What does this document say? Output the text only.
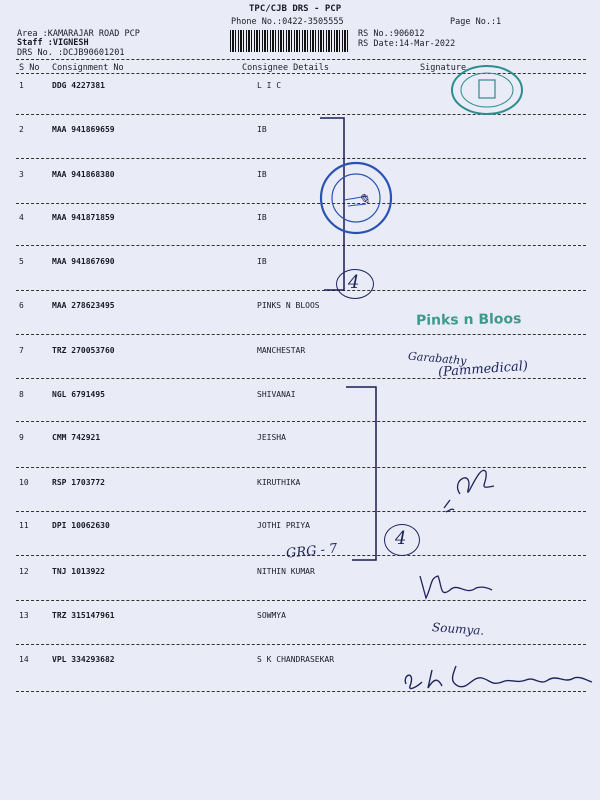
TPC/CJB DRS - PCP
Phone No.:0422-3505555	Page No.:1
Area :KAMARAJAR ROAD PCP
Staff :VIGNESH
DRS No. :DCJB90601201
RS No.:906012
RS Date:14-Mar-2022
S No Consignment No	Consignee Details	Signature
1	DDG 4227381	L I C
2	MAA 941869659	IB
3	MAA 941868380	IB
4	MAA 941871859	IB
5	MAA 941867690	IB
6	MAA 278623495	PINKS N BLOOS
7	TRZ 270053760	MANCHESTAR
8	NGL 6791495	SHIVANAI
9	CMM 742921	JEISHA
10	RSP 1703772	KIRUTHIKA
11	DPI 10062630	JOTHI PRIYA
12	TNJ 1013922	NITHIN KUMAR
13	TRZ 315147961	SOWMYA
14	VPL 334293682	S K CHANDRASEKAR
4
4
✎
Pinks n Bloos
Garabathy
(Pammedical)
GRG - 7
Soumya.
